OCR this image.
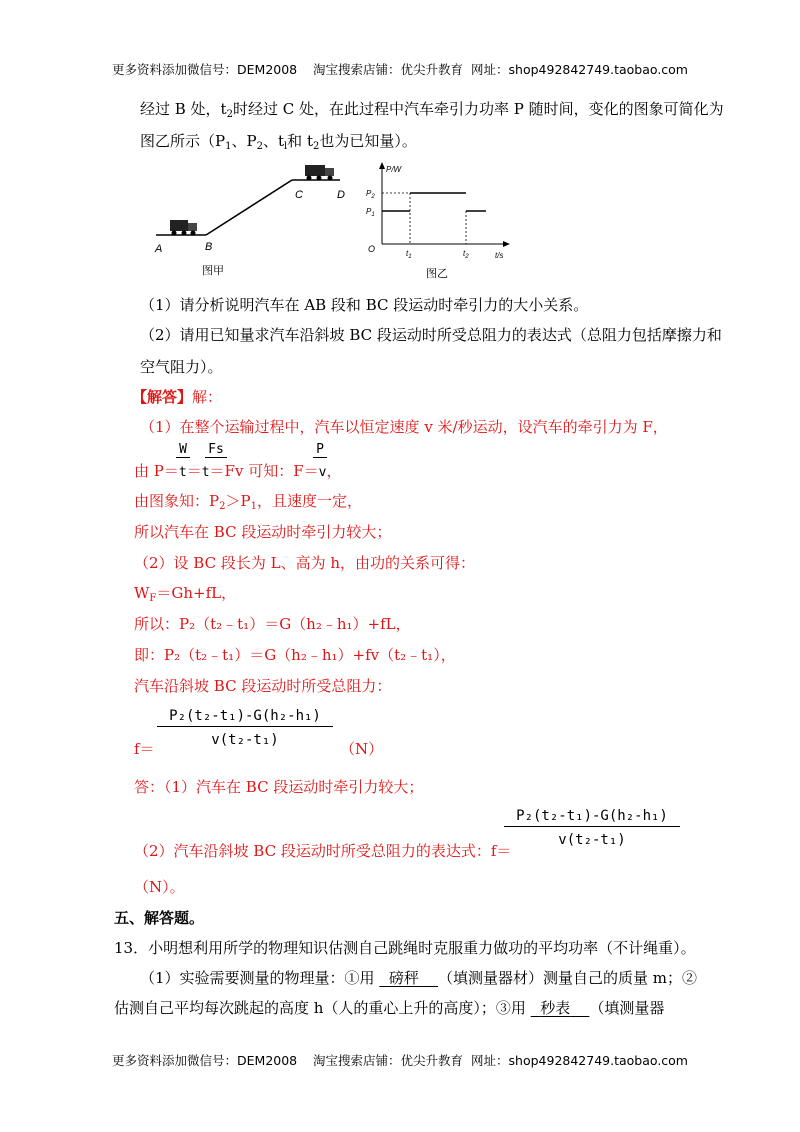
更多资料添加微信号：DEM2008 淘宝搜索店铺：优尖升教育 网址：shop492842749.taobao.com
经过 B 处，$t_2$时经过 C 处，在此过程中汽车牵引力功率 P 随时间，变化的图象可简化为
图乙所示（$P_1$、$P_2$、$t_l$和 $t_2$也为已知量）。
A	B
C	D
图甲
P/W
t/s
O
$P_2$
$P_1$
$t_1$	$t_2$
图乙
（1）请分析说明汽车在 AB 段和 BC 段运动时牵引力的大小关系。
（2）请用已知量求汽车沿斜坡 BC 段运动时所受总阻力的表达式（总阻力包括摩擦力和
空气阻力）。
【解答】解：
（1）在整个运输过程中，汽车以恒定速度 v 米/秒运动，设汽车的牵引力为 F，
W Fs	P
由 P＝t＝t＝Fv 可知：F＝v，
由图象知：$P_2>P_1$，且速度一定，
所以汽车在 BC 段运动时牵引力较大；
（2）设 BC 段长为 L、高为 h，由功的关系可得：
$W_F=Gh+fL$，
所以：P₂（t₂﹣t₁）＝G（h₂﹣h₁）+fL，
即：P₂（t₂﹣t₁）＝G（h₂﹣h₁）+fv（t₂﹣t₁），
汽车沿斜坡 BC 段运动时所受总阻力：
P₂(t₂-t₁)-G(h₂-h₁)
v(t₂-t₁)
f＝	（N）
答：（1）汽车在 BC 段运动时牵引力较大；
P₂(t₂-t₁)-G(h₂-h₁)
v(t₂-t₁)
（2）汽车沿斜坡 BC 段运动时所受总阻力的表达式：f＝
（N）。
五、解答题。
13．小明想利用所学的物理知识估测自己跳绳时克服重力做功的平均功率（不计绳重）。
（1）实验需要测量的物理量：①用 磅秤 （填测量器材）测量自己的质量 m；②
估测自己平均每次跳起的高度 h（人的重心上升的高度）；③用 秒表 （填测量器
更多资料添加微信号：DEM2008 淘宝搜索店铺：优尖升教育 网址：shop492842749.taobao.com
